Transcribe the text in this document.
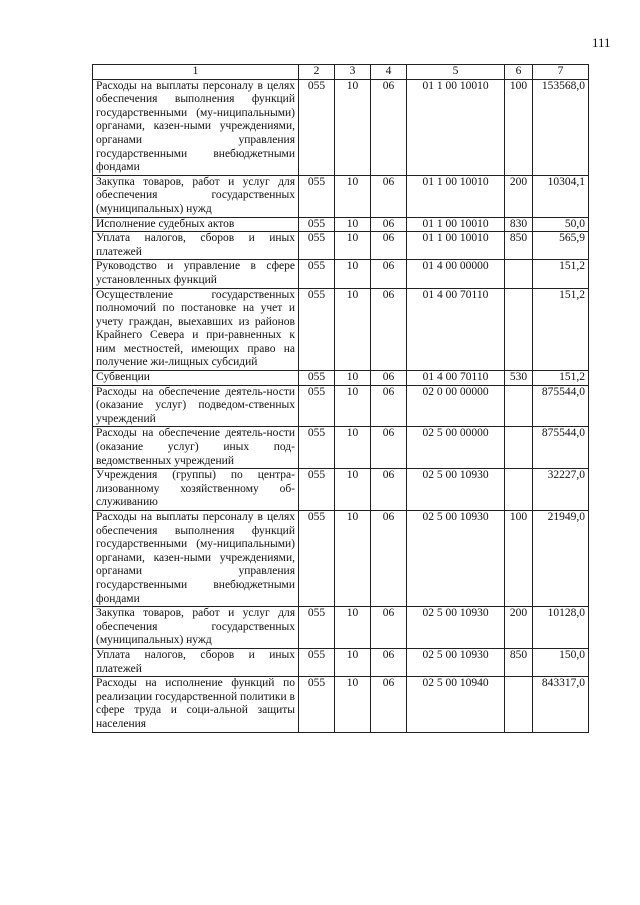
111
1	2	3	4	5	6	7
Расходы на выплаты персоналу в целях обеспечения выполнения функций государственными (му-ниципальными) органами, казен-ными учреждениями, органами управления государственными внебюджетными фондами	055	10	06	01 1 00 10010	100	153568,0
Закупка товаров, работ и услуг для обеспечения государственных (муниципальных) нужд	055	10	06	01 1 00 10010	200	10304,1
Исполнение судебных актов	055	10	06	01 1 00 10010	830	50,0
Уплата налогов, сборов и иных платежей	055	10	06	01 1 00 10010	850	565,9
Руководство и управление в сфере установленных функций	055	10	06	01 4 00 00000		151,2
Осуществление государственных полномочий по постановке на учет и учету граждан, выехавших из районов Крайнего Севера и при-равненных к ним местностей, имеющих право на получение жи-лищных субсидий	055	10	06	01 4 00 70110		151,2
Субвенции	055	10	06	01 4 00 70110	530	151,2
Расходы на обеспечение деятель-ности (оказание услуг) подведом-ственных учреждений	055	10	06	02 0 00 00000		875544,0
Расходы на обеспечение деятель-ности (оказание услуг) иных под-ведомственных учреждений	055	10	06	02 5 00 00000		875544,0
Учреждения (группы) по центра-лизованному хозяйственному об-служиванию	055	10	06	02 5 00 10930		32227,0
Расходы на выплаты персоналу в целях обеспечения выполнения функций государственными (му-ниципальными) органами, казен-ными учреждениями, органами управления государственными внебюджетными фондами	055	10	06	02 5 00 10930	100	21949,0
Закупка товаров, работ и услуг для обеспечения государственных (муниципальных) нужд	055	10	06	02 5 00 10930	200	10128,0
Уплата налогов, сборов и иных платежей	055	10	06	02 5 00 10930	850	150,0
Расходы на исполнение функций по реализации государственной политики в сфере труда и соци-альной защиты населения	055	10	06	02 5 00 10940		843317,0
